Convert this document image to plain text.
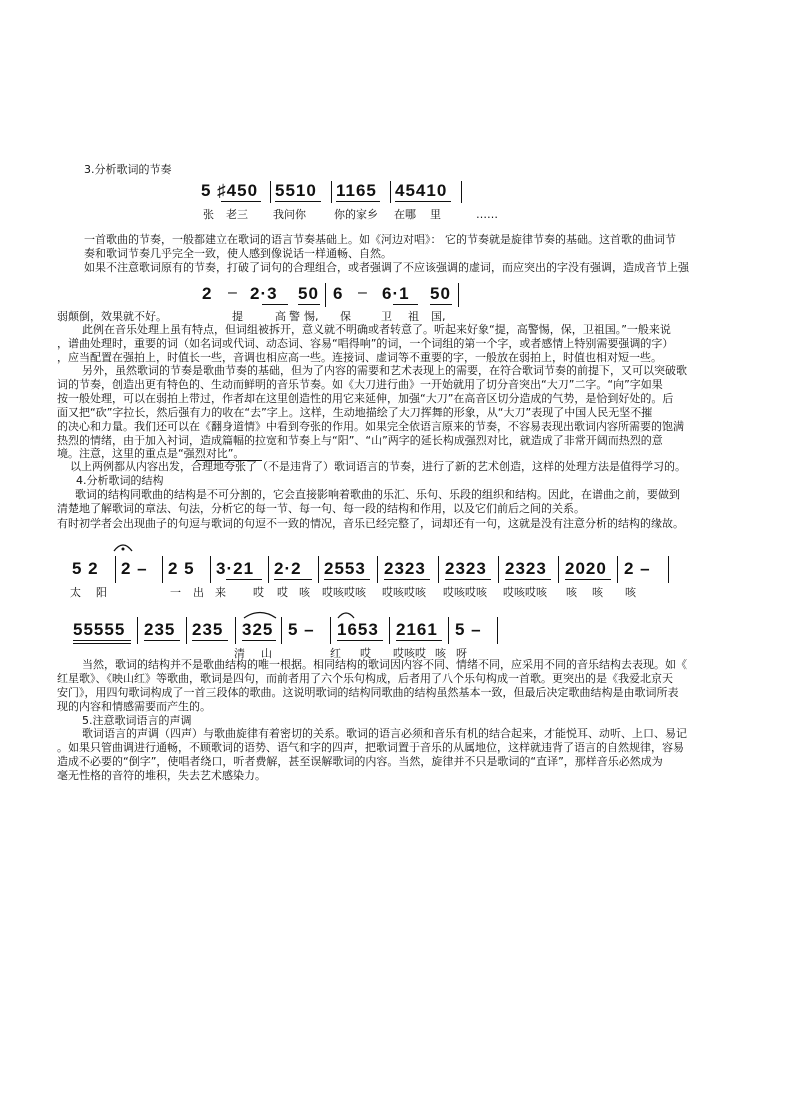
3.分析歌词的节奏
5 ♯450 5510 1165 45410
张 老三 我问你	你的家乡 在哪 里	……
一首歌曲的节奏，一般都建立在歌词的语言节奏基础上。如《河边对唱》： 它的节奏就是旋律节奏的基础。这首歌的曲词节
奏和歌词节奏几乎完全一致，使人感到像说话一样通畅、自然。
如果不注意歌词原有的节奏，打破了词句的合理组合，或者强调了不应该强调的虚词，而应突出的字没有强调，造成音节上强
2 – 2·3 50 6 – 6·1 50
提	高 警 惕, 保	卫 祖 国,
弱颠倒，效果就不好。
此例在音乐处理上虽有特点，但词组被拆开，意义就不明确或者转意了。听起来好象“提，高警惕，保，卫祖国。”一般来说
，谱曲处理时，重要的词（如名词或代词、动态词、容易“唱得响”的词，一个词组的第一个字，或者感情上特别需要强调的字）
，应当配置在强拍上，时值长一些，音调也相应高一些。连接词、虚词等不重要的字，一般放在弱拍上，时值也相对短一些。
另外，虽然歌词的节奏是歌曲节奏的基础，但为了内容的需要和艺术表现上的需要，在符合歌词节奏的前提下，又可以突破歌
词的节奏，创造出更有特色的、生动而鲜明的音乐节奏。如《大刀进行曲》一开始就用了切分音突出“大刀”二字。“向”字如果
按一般处理，可以在弱拍上带过，作者却在这里创造性的用它来延伸，加强“大刀”在高音区切分造成的气势，是恰到好处的。后
面又把“砍”字拉长，然后强有力的收在“去”字上。这样，生动地描绘了大刀挥舞的形象，从“大刀”表现了中国人民无坚不摧
的决心和力量。我们还可以在《翻身道情》中看到夸张的作用。如果完全依语言原来的节奏，不容易表现出歌词内容所需要的饱满
热烈的情绪，由于加入衬词，造成篇幅的拉宽和节奏上与“阳”、“山”两字的延长构成强烈对比，就造成了非常开阔而热烈的意
境。注意，这里的重点是“强烈对比”。
以上两例都从内容出发，合理地夸张了（不是违背了）歌词语言的节奏，进行了新的艺术创造，这样的处理方法是值得学习的。
4.分析歌词的结构
歌词的结构同歌曲的结构是不可分割的，它会直接影响着歌曲的乐汇、乐句、乐段的组织和结构。因此，在谱曲之前，要做到
清楚地了解歌词的章法、句法，分析它的每一节、每一句、每一段的结构和作用，以及它们前后之间的关系。
有时初学者会出现曲子的句逗与歌词的句逗不一致的情况，音乐已经完整了，词却还有一句，这就是没有注意分析的结构的缘故。
5 2 2 – 2 5 3·21 2·2 2553 2323 2323 2323 2020 2 –
太 阳	一 出 来 哎 哎 咳 哎咳哎咳 哎咳哎咳 哎咳哎咳 哎咳哎咳 咳 咳 咳
55555 235 235 325 5 – 1653 2161 5 –
清 山	红 哎 哎咳哎 咳 呀
当然，歌词的结构并不是歌曲结构的唯一根据。相同结构的歌词因内容不同、情绪不同，应采用不同的音乐结构去表现。如《
红星歌》、《映山红》等歌曲，歌词是四句，而前者用了六个乐句构成，后者用了八个乐句构成一首歌。更突出的是《我爱北京天
安门》，用四句歌词构成了一首三段体的歌曲。这说明歌词的结构同歌曲的结构虽然基本一致，但最后决定歌曲结构是由歌词所表
现的内容和情感需要而产生的。
5.注意歌词语言的声调
歌词语言的声调（四声）与歌曲旋律有着密切的关系。歌词的语言必须和音乐有机的结合起来，才能悦耳、动听、上口、易记
。如果只管曲调进行通畅，不顾歌词的语势、语气和字的四声，把歌词置于音乐的从属地位，这样就违背了语言的自然规律，容易
造成不必要的“倒字”，使唱者绕口，听者费解，甚至误解歌词的内容。当然，旋律并不只是歌词的“直译”，那样音乐必然成为
毫无性格的音符的堆积，失去艺术感染力。
